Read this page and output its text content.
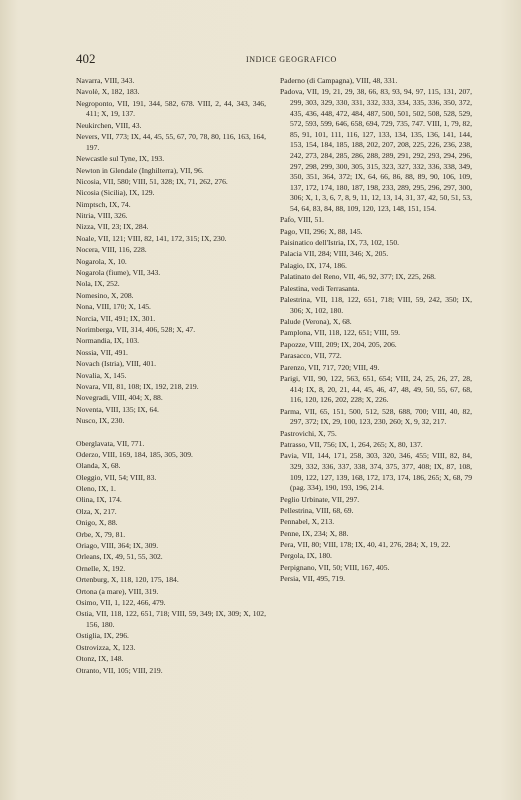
402	INDICE GEOGRAFICO
Navarra, VIII, 343.
Navolè, X, 182, 183.
Negroponto, VII, 191, 344, 582, 678. VIII, 2, 44, 343, 346, 411; X, 19, 137.
Neukirchen, VIII, 43.
Nevers, VII, 773; IX, 44, 45, 55, 67, 70, 78, 80, 116, 163, 164, 197.
Newcastle sul Tyne, IX, 193.
Newton in Glendale (Inghilterra), VII, 96.
Nicosia, VII, 580; VIII, 51, 328; IX, 71, 262, 276.
Nicosia (Sicilia), IX, 129.
Nimptsch, IX, 74.
Nitria, VIII, 326.
Nizza, VII, 23; IX, 284.
Noale, VII, 121; VIII, 82, 141, 172, 315; IX, 230.
Nocera, VIII, 116, 228.
Nogarola, X, 10.
Nogarola (fiume), VII, 343.
Nola, IX, 252.
Nomesino, X, 208.
Nona, VIII, 170; X, 145.
Norcia, VII, 491; IX, 301.
Norimberga, VII, 314, 406, 528; X, 47.
Normandia, IX, 103.
Nossia, VII, 491.
Novach (Istria), VIII, 401.
Novalia, X, 145.
Novara, VII, 81, 108; IX, 192, 218, 219.
Novegradi, VIII, 404; X, 88.
Noventa, VIII, 135; IX, 64.
Nusco, IX, 230.
Oberglavata, VII, 771.
Oderzo, VIII, 169, 184, 185, 305, 309.
Olanda, X, 68.
Oleggio, VII, 54; VIII, 83.
Oleno, IX, 1.
Olina, IX, 174.
Olza, X, 217.
Onigo, X, 88.
Orbe, X, 79, 81.
Oriago, VIII, 364; IX, 309.
Orleans, IX, 49, 51, 55, 302.
Ornelle, X, 192.
Ortenburg, X, 118, 120, 175, 184.
Ortona (a mare), VIII, 319.
Osimo, VII, 1, 122, 466, 479.
Ostia, VII, 118, 122, 651, 718; VIII, 59, 349; IX, 309; X, 102, 156, 180.
Ostiglia, IX, 296.
Ostrovizza, X, 123.
Otonz, IX, 148.
Otranto, VII, 105; VIII, 219.
Paderno (di Campagna), VIII, 48, 331.
Padova, VII, 19, 21, 29, 38, 66, 83, 93, 94, 97, 115, 131, 207, 299, 303, 329, 330, 331, 332, 333, 334, 335, 336, 350, 372, 435, 436, 448, 472, 484, 487, 500, 501, 502, 508, 528, 529, 572, 593, 599, 646, 658, 694, 729, 735, 747. VIII, 1, 79, 82, 85, 91, 101, 111, 116, 127, 133, 134, 135, 136, 141, 144, 153, 154, 184, 185, 188, 202, 207, 208, 225, 226, 236, 238, 242, 273, 284, 285, 286, 288, 289, 291, 292, 293, 294, 296, 297, 298, 299, 300, 305, 315, 323, 327, 332, 336, 338, 349, 350, 351, 364, 372; IX, 64, 66, 86, 88, 89, 90, 106, 109, 137, 172, 174, 180, 187, 198, 233, 289, 295, 296, 297, 300, 306; X, 1, 3, 6, 7, 8, 9, 11, 12, 13, 14, 31, 37, 42, 50, 51, 53, 54, 64, 83, 84, 88, 109, 120, 123, 148, 151, 154.
Pafo, VIII, 51.
Pago, VII, 296; X, 88, 145.
Paisinatico dell'Istria, IX, 73, 102, 150.
Palacia VII, 284; VIII, 346; X, 205.
Palagio, IX, 174, 186.
Palatinato del Reno, VII, 46, 92, 377; IX, 225, 268.
Palestina, vedi Terrasanta.
Palestrina, VII, 118, 122, 651, 718; VIII, 59, 242, 350; IX, 306; X, 102, 180.
Palude (Verona), X, 68.
Pamplona, VII, 118, 122, 651; VIII, 59.
Papozze, VIII, 209; IX, 204, 205, 206.
Parasacco, VII, 772.
Parenzo, VII, 717, 720; VIII, 49.
Parigi, VII, 90, 122, 563, 651, 654; VIII, 24, 25, 26, 27, 28, 414; IX, 8, 20, 21, 44, 45, 46, 47, 48, 49, 50, 55, 67, 68, 116, 120, 126, 202, 228; X, 226.
Parma, VII, 65, 151, 500, 512, 528, 688, 700; VIII, 40, 82, 297, 372; IX, 29, 100, 123, 230, 260; X, 9, 32, 217.
Pastrovichi, X, 75.
Patrasso, VII, 756; IX, 1, 264, 265; X, 80, 137.
Pavia, VII, 144, 171, 258, 303, 320, 346, 455; VIII, 82, 84, 329, 332, 336, 337, 338, 374, 375, 377, 408; IX, 87, 108, 109, 122, 127, 139, 168, 172, 173, 174, 186, 265; X, 68, 79 (pag. 334), 190, 193, 196, 214.
Peglio Urbinate, VII, 297.
Pellestrina, VIII, 68, 69.
Pennabel, X, 213.
Penne, IX, 234; X, 88.
Pera, VII, 80; VIII, 178; IX, 40, 41, 276, 284; X, 19, 22.
Pergola, IX, 180.
Perpignano, VII, 50; VIII, 167, 405.
Persia, VII, 495, 719.
